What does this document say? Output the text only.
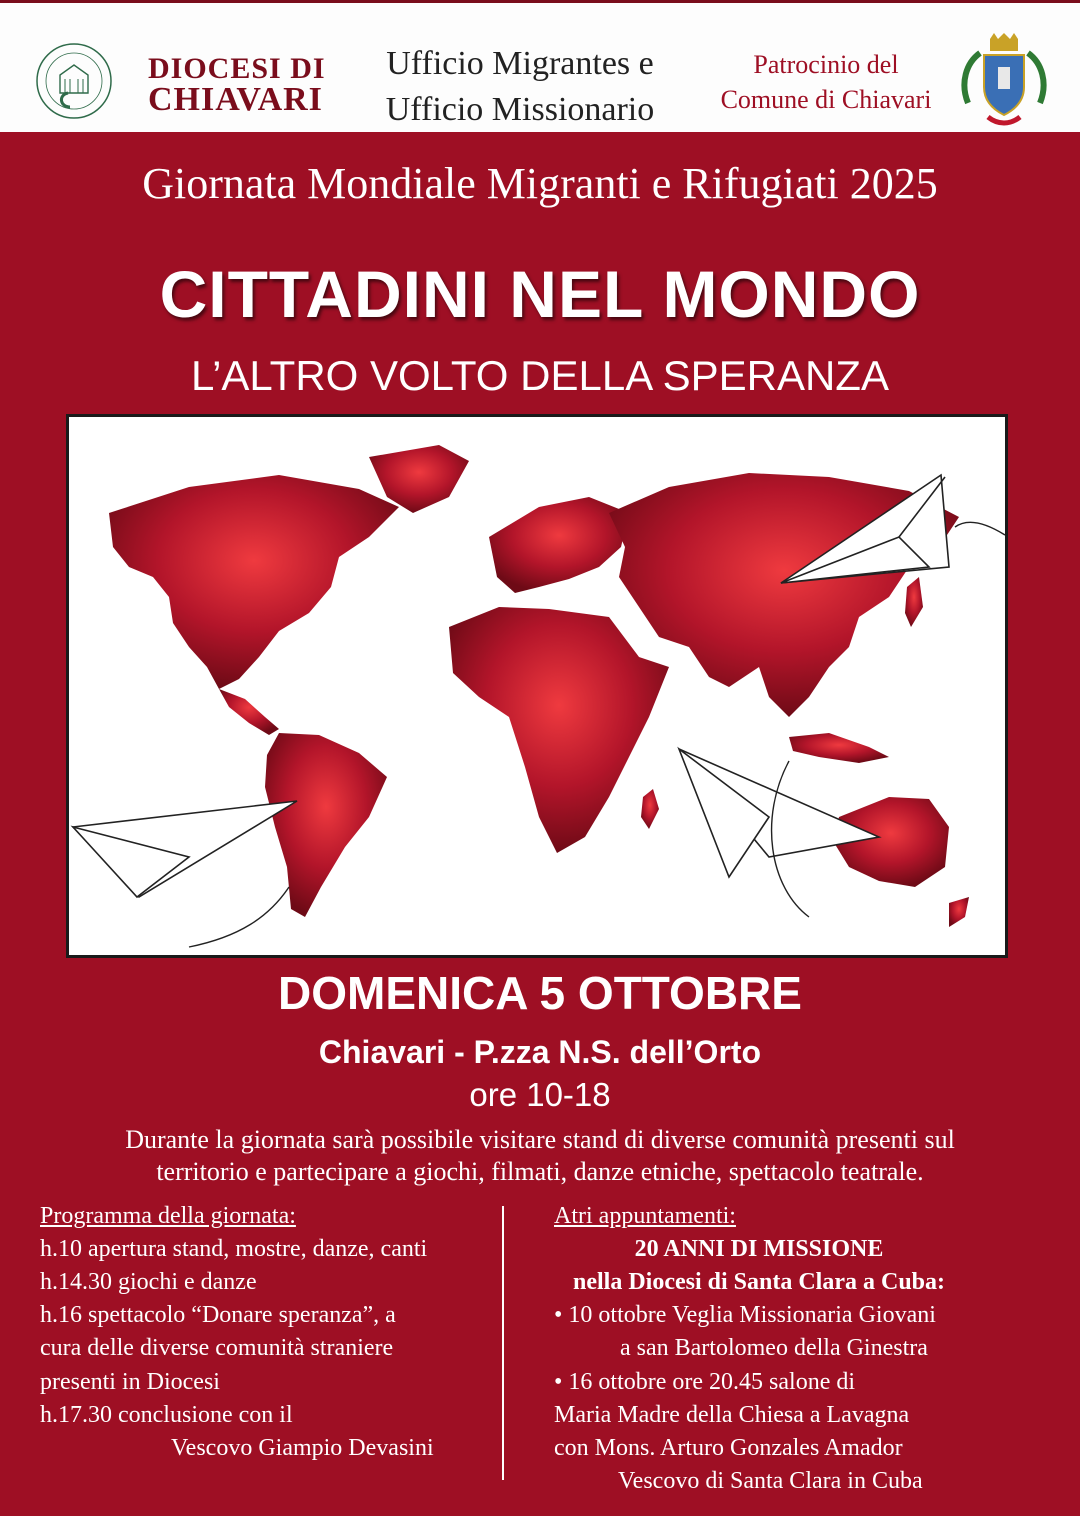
DIOCESI DI
CHIAVARI
Ufficio Migrantes e
Ufficio Missionario
Patrocinio del
Comune di Chiavari
Giornata Mondiale Migranti e Rifugiati 2025
CITTADINI NEL MONDO
L’ALTRO VOLTO DELLA SPERANZA
DOMENICA 5 OTTOBRE
Chiavari - P.zza N.S. dell’Orto
ore 10-18
Durante la giornata sarà possibile visitare stand di diverse comunità presenti sul
territorio e partecipare a giochi, filmati, danze etniche, spettacolo teatrale.
Programma della giornata:
h.10 apertura stand, mostre, danze, canti
h.14.30 giochi e danze
h.16 spettacolo “Donare speranza”, a
cura delle diverse comunità straniere
presenti in Diocesi
h.17.30 conclusione con il
Vescovo Giampio Devasini
Atri appuntamenti:
20 ANNI DI MISSIONE
nella Diocesi di Santa Clara a Cuba:
• 10 ottobre Veglia Missionaria Giovani
a san Bartolomeo della Ginestra
• 16 ottobre ore 20.45 salone di
Maria Madre della Chiesa a Lavagna
con Mons. Arturo Gonzales Amador
Vescovo di Santa Clara in Cuba
